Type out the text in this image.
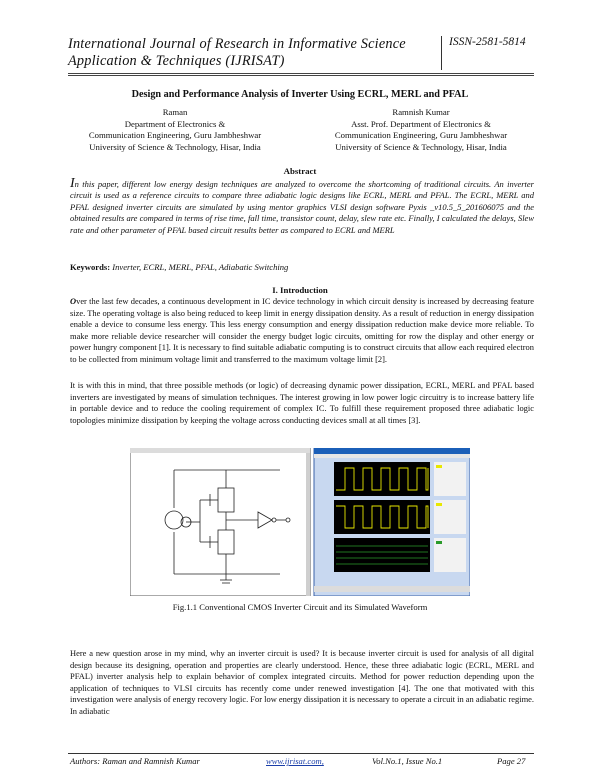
International Journal of Research in Informative Science
Application & Techniques (IJRISAT)
ISSN-2581-5814
Design and Performance Analysis of Inverter Using ECRL, MERL and PFAL
Raman
Department of Electronics &
Communication Engineering, Guru Jambheshwar
University of Science & Technology, Hisar, India
Ramnish Kumar
Asst. Prof. Department of Electronics &
Communication Engineering, Guru Jambheshwar
University of Science & Technology, Hisar, India
Abstract
In this paper, different low energy design techniques are analyzed to overcome the shortcoming of traditional circuits. An inverter circuit is used as a reference circuits to compare three adiabatic logic designs like ECRL, MERL and PFAL. The ECRL, MERL and PFAL designed inverter circuits are simulated by using mentor graphics VLSI design software Pyxis _v10.5_5_201606075 and the obtained results are compared in terms of rise time, fall time, transistor count, delay, slew rate etc. Finally, I calculated the delays, Slew rate and other parameter of PFAL based circuit results better as compared to ECRL and MERL
Keywords: Inverter, ECRL, MERL, PFAL, Adiabatic Switching
I. Introduction
Over the last few decades, a continuous development in IC device technology in which circuit density is increased by decreasing feature size. The operating voltage is also being reduced to keep limit in energy dissipation density. As a result of reduction in energy dissipation enable a device to consume less energy. This less energy consumption and energy dissipation reduction make device more reliable. To make more reliable device researcher will consider the energy budget logic circuits, omitting for row the display and other energy or power hungry component [1]. It is necessary to find suitable adiabatic computing is to construct circuits that allow each required electron to be collected from minimum voltage limit and transferred to the maximum voltage limit [2].
It is with this in mind, that three possible methods (or logic) of decreasing dynamic power dissipation, ECRL, MERL and PFAL based inverters are investigated by means of simulation techniques. The interest growing in low power logic circuitry is to increase battery life in portable device and to reduce the cooling requirement of complex IC. To fulfill these requirement proposed three adiabatic logic topologies minimize dissipation by keeping the voltage across conducting devices small at all times [3].
Fig.1.1 Conventional CMOS Inverter Circuit and its Simulated Waveform
Here a new question arose in my mind, why an inverter circuit is used? It is because inverter circuit is used for analysis of all digital design because its designing, operation and properties are clearly understood. Hence, these three adiabatic logic (ECRL, MERL and PFAL) inverter analysis help to explain behavior of complex integrated circuits. Method for power reduction depending upon the application of techniques to VLSI circuits has recently come under renewed investigation [4]. The one that motivated with this investigation were analysis of energy recovery logic. For low energy dissipation it is necessary to operate a circuit in an adiabatic regime. In adiabatic
Authors: Raman and Ramnish Kumar	www.ijrisat.com,	Vol.No.1, Issue No.1	Page 27
